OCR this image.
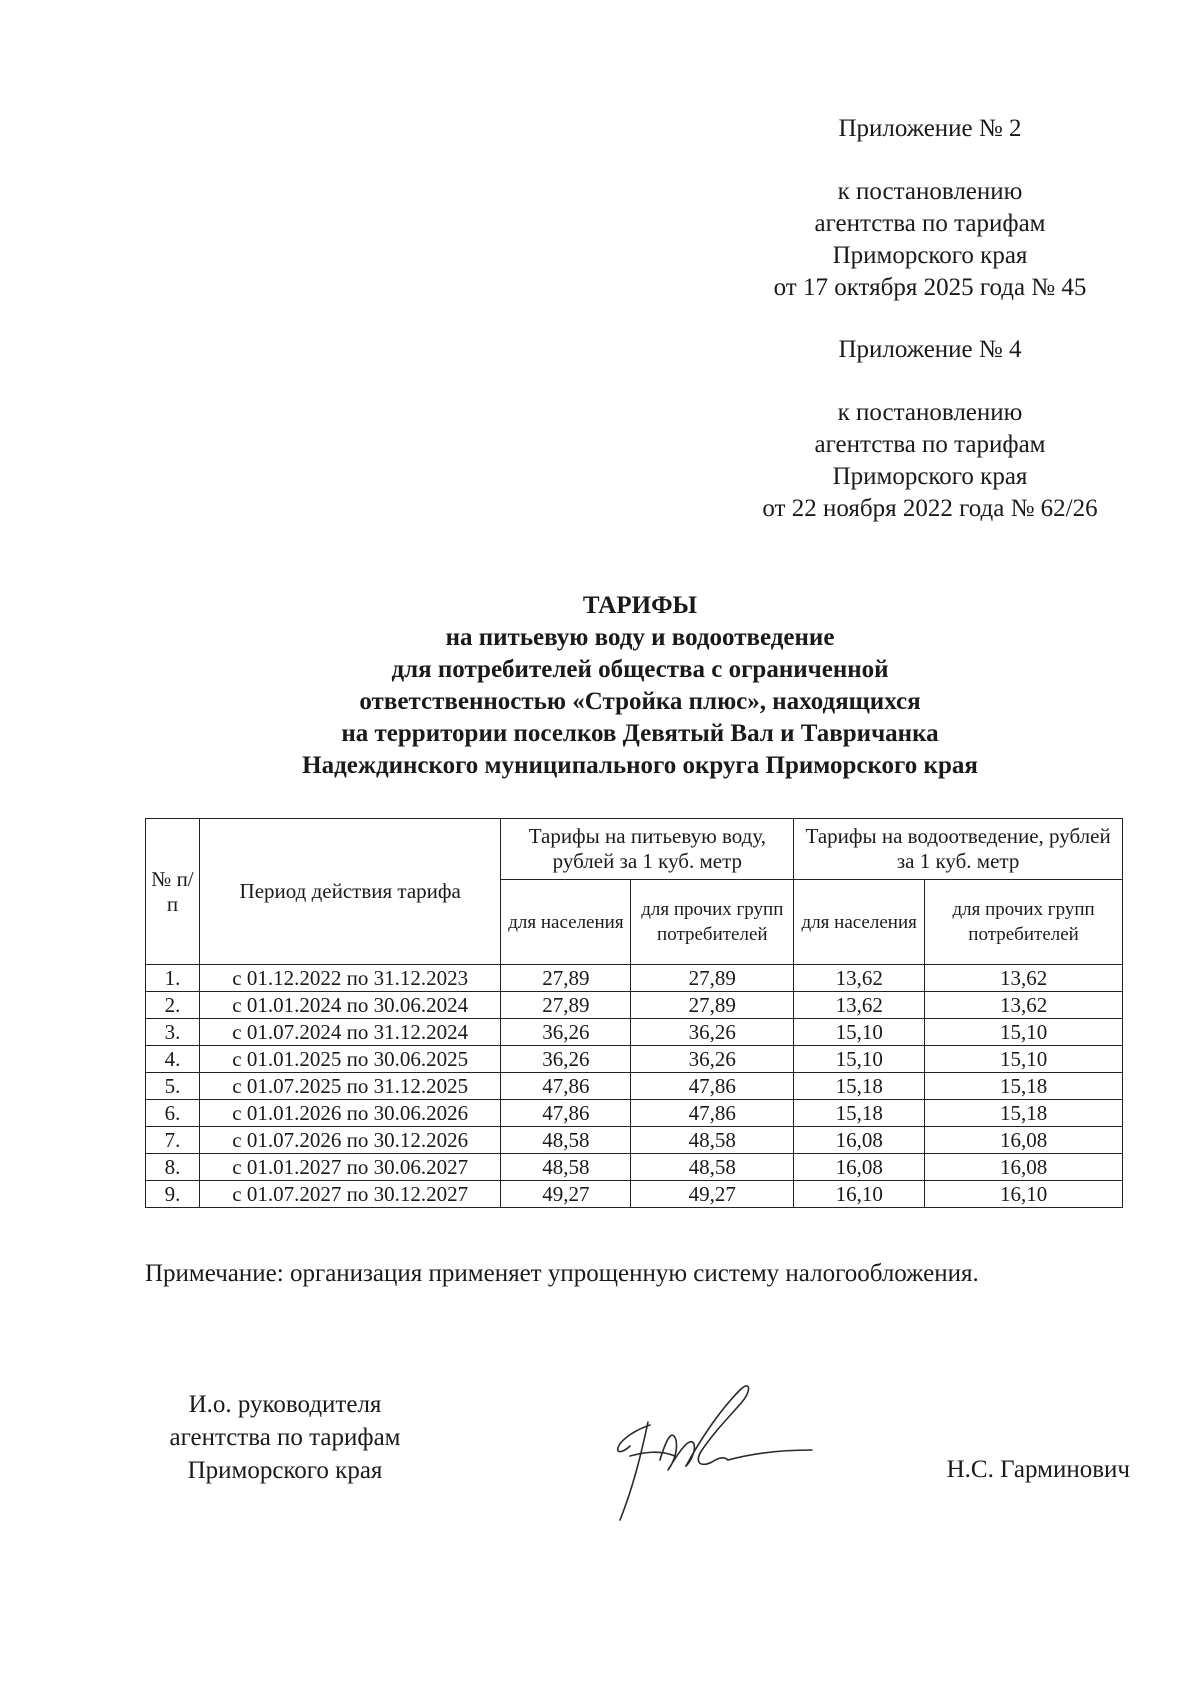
Приложение № 2
к постановлению
агентства по тарифам
Приморского края
от 17 октября 2025 года № 45
Приложение № 4
к постановлению
агентства по тарифам
Приморского края
от 22 ноября 2022 года № 62/26
ТАРИФЫ
на питьевую воду и водоотведение
для потребителей общества с ограниченной
ответственностью «Стройка плюс», находящихся
на территории поселков Девятый Вал и Тавричанка
Надеждинского муниципального округа Приморского края
№ п/п	Период действия тарифа	Тарифы на питьевую воду, рублей за 1 куб. метр		Тарифы на водоотведение, рублей за 1 куб. метр	
		для населения	для прочих групп потребителей	для населения	для прочих групп потребителей
1.	с 01.12.2022 по 31.12.2023	27,89	27,89	13,62	13,62
2.	с 01.01.2024 по 30.06.2024	27,89	27,89	13,62	13,62
3.	с 01.07.2024 по 31.12.2024	36,26	36,26	15,10	15,10
4.	с 01.01.2025 по 30.06.2025	36,26	36,26	15,10	15,10
5.	с 01.07.2025 по 31.12.2025	47,86	47,86	15,18	15,18
6.	с 01.01.2026 по 30.06.2026	47,86	47,86	15,18	15,18
7.	с 01.07.2026 по 30.12.2026	48,58	48,58	16,08	16,08
8.	с 01.01.2027 по 30.06.2027	48,58	48,58	16,08	16,08
9.	с 01.07.2027 по 30.12.2027	49,27	49,27	16,10	16,10
Примечание: организация применяет упрощенную систему налогообложения.
И.о. руководителя
агентства по тарифам
Приморского края	Н.С. Гарминович
